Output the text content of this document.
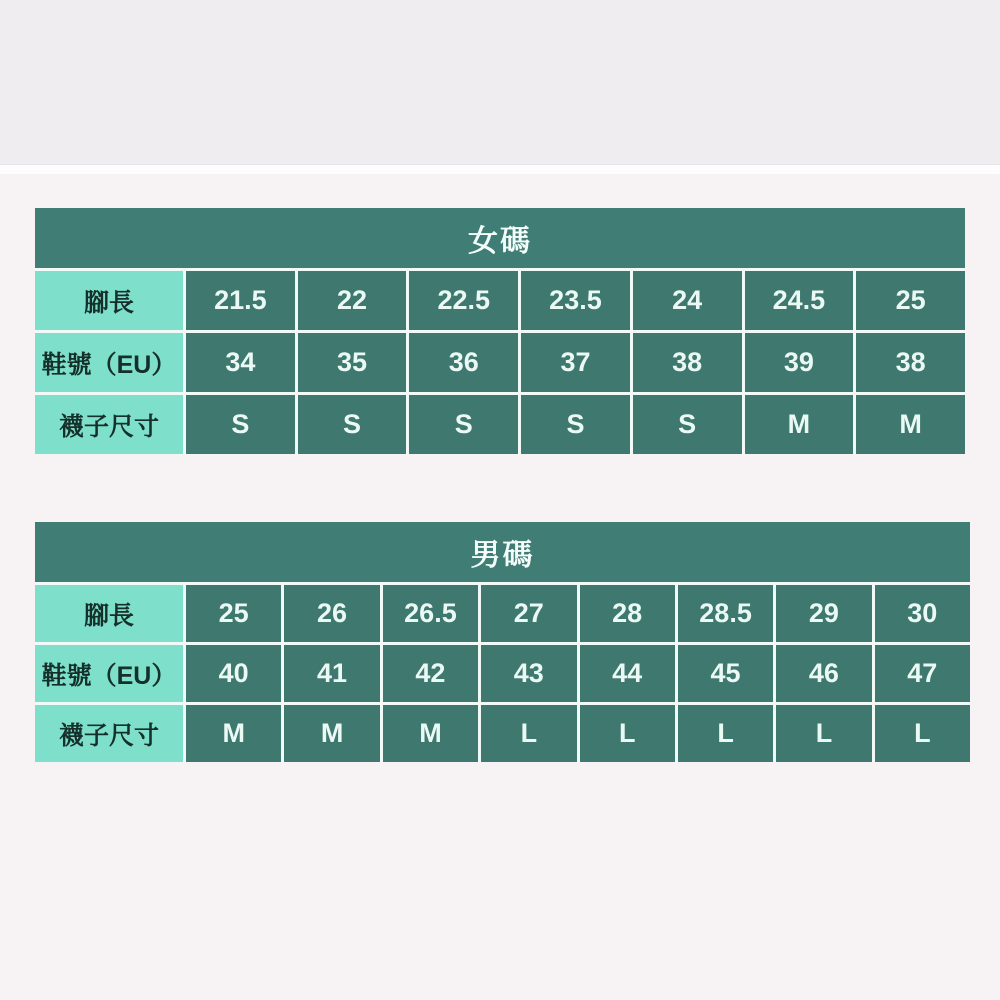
女碼							
腳長	21.5	22	22.5	23.5	24	24.5	25
鞋號（EU）	34	35	36	37	38	39	38
襪子尺寸	S	S	S	S	S	M	M
男碼								
腳長	25	26	26.5	27	28	28.5	29	30
鞋號（EU）	40	41	42	43	44	45	46	47
襪子尺寸	M	M	M	L	L	L	L	L
